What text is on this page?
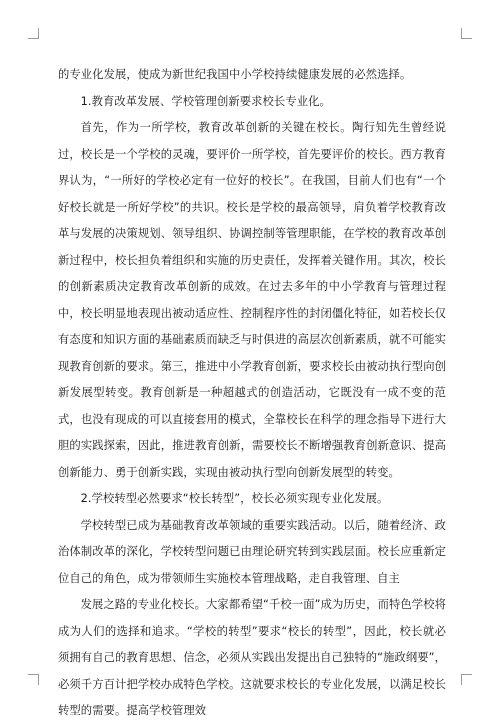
的专业化发展，使成为新世纪我国中小学校持续健康发展的必然选择。

1.教育改革发展、学校管理创新要求校长专业化。

首先，作为一所学校，教育改革创新的关键在校长。陶行知先生曾经说过，校长是一个学校的灵魂，要评价一所学校，首先要评价的校长。西方教育界认为，“一所好的学校必定有一位好的校长”。在我国，目前人们也有“一个好校长就是一所好学校”的共识。校长是学校的最高领导，肩负着学校教育改革与发展的决策规划、领导组织、协调控制等管理职能，在学校的教育改革创新过程中，校长担负着组织和实施的历史责任，发挥着关键作用。其次，校长的创新素质决定教育改革创新的成效。在过去多年的中小学教育与管理过程中，校长明显地表现出被动适应性、控制程序性的封闭僵化特征，如若校长仅有态度和知识方面的基础素质而缺乏与时俱进的高层次创新素质，就不可能实现教育创新的要求。第三，推进中小学教育创新，要求校长由被动执行型向创新发展型转变。教育创新是一种超越式的创造活动，它既没有一成不变的范式，也没有现成的可以直接套用的模式，全靠校长在科学的理念指导下进行大胆的实践探索，因此，推进教育创新，需要校长不断增强教育创新意识、提高创新能力、勇于创新实践，实现由被动执行型向创新发展型的转变。

2.学校转型必然要求“校长转型”，校长必须实现专业化发展。

学校转型已成为基础教育改革领域的重要实践活动。以后，随着经济、政治体制改革的深化，学校转型问题已由理论研究转到实践层面。校长应重新定位自己的角色，成为带领师生实施校本管理战略，走自我管理、自主

发展之路的专业化校长。大家都希望“千校一面”成为历史，而特色学校将成为人们的选择和追求。“学校的转型”要求“校长的转型”，因此，校长就必须拥有自己的教育思想、信念，必须从实践出发提出自己独特的“施政纲要”，必须千方百计把学校办成特色学校。这就要求校长的专业化发展，以满足校长转型的需要。提高学校管理效
